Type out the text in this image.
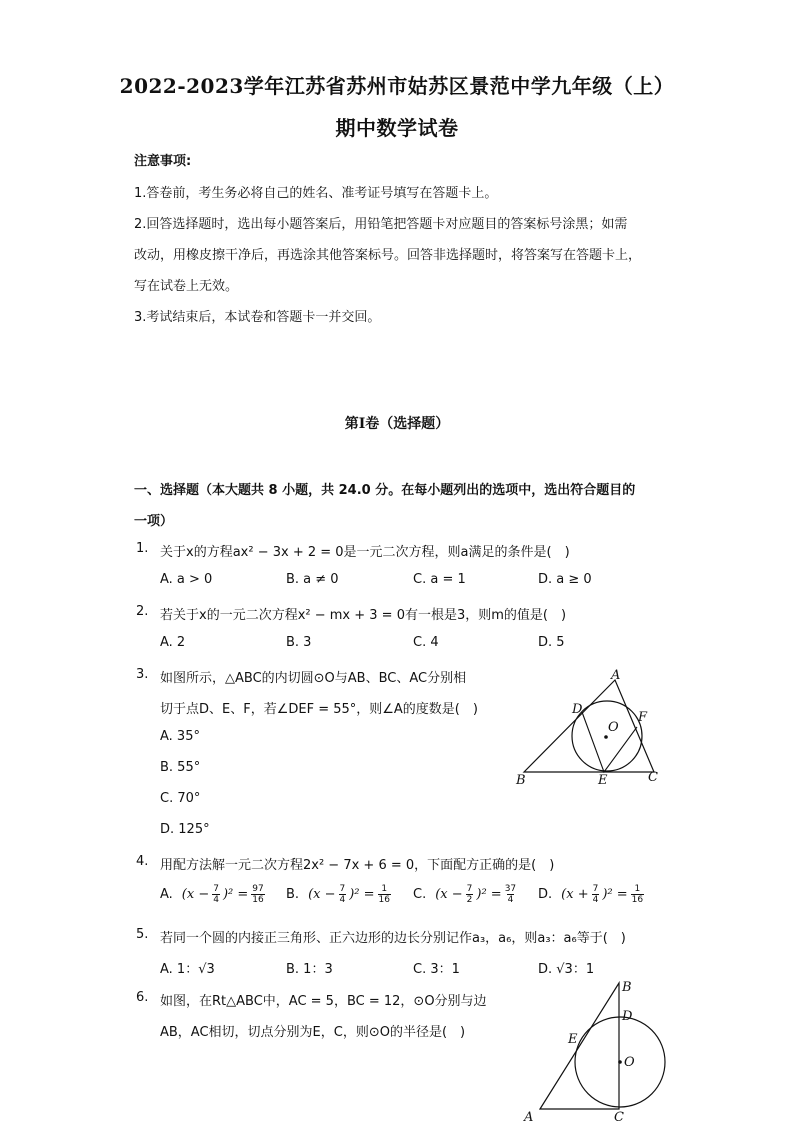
2022-2023学年江苏省苏州市姑苏区景范中学九年级（上）
期中数学试卷
注意事项:
1.答卷前，考生务必将自己的姓名、准考证号填写在答题卡上。
2.回答选择题时，选出每小题答案后，用铅笔把答题卡对应题目的答案标号涂黑；如需
改动，用橡皮擦干净后，再选涂其他答案标号。回答非选择题时，将答案写在答题卡上，
写在试卷上无效。
3.考试结束后，本试卷和答题卡一并交回。
第I卷（选择题）
一、选择题（本大题共 8 小题，共 24.0 分。在每小题列出的选项中，选出符合题目的
一项）
1. 关于x的方程ax² − 3x + 2 = 0是一元二次方程，则a满足的条件是(　)
A. a > 0	B. a ≠ 0	C. a = 1	D. a ≥ 0
2. 若关于x的一元二次方程x² − mx + 3 = 0有一根是3，则m的值是(　)
A. 2	B. 3	C. 4	D. 5
3. 如图所示，△ABC的内切圆⊙O与AB、BC、AC分别相
切于点D、E、F，若∠DEF = 55°，则∠A的度数是(　)
A. 35°
B. 55°
C. 70°
D. 125°
A
B	C
D
E
F
O
4. 用配方法解一元二次方程2x² − 7x + 6 = 0，下面配方正确的是(　)
A. $(x - \frac{7}{4} )^2 = \frac{97}{16} B$. $(x - \frac{7}{4} )^2 = \frac{1}{16} C$. $(x - \frac{7}{2} )^2 = \frac{37}{4} D$. $(x + \frac{7}{4} )^2 = \frac{1}{16}$
5. 若同一个圆的内接正三角形、正六边形的边长分别记作a₃，a₆，则a₃：a₆等于(　)
A. 1：√3	B. 1：3	C. 3：1	D. √3：1
6. 如图，在Rt△ABC中，AC = 5，BC = 12，⊙O分别与边
AB，AC相切，切点分别为E，C，则⊙O的半径是(　)
B
D
E
O
A	C
